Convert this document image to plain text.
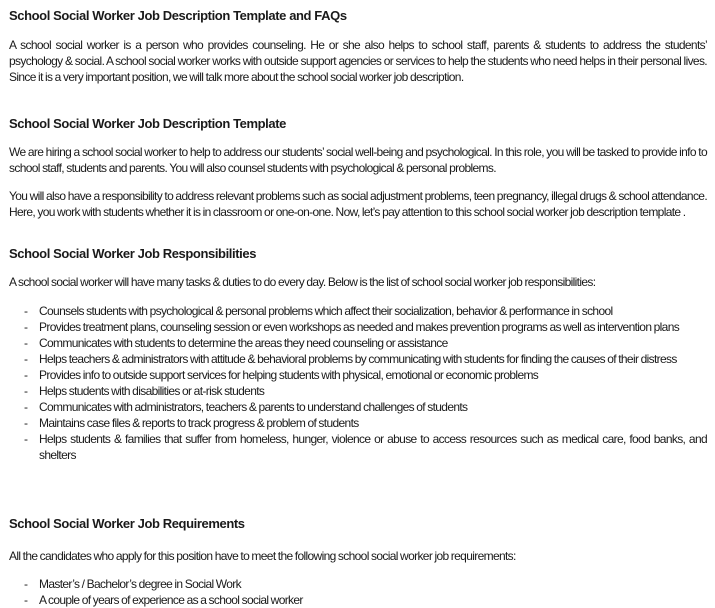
School Social Worker Job Description Template and FAQs
A school social worker is a person who provides counseling. He or she also helps to school staff, parents & students to address the students’ psychology & social. A school social worker works with outside support agencies or services to help the students who need helps in their personal lives. Since it is a very important position, we will talk more about the school social worker job description.
School Social Worker Job Description Template
We are hiring a school social worker to help to address our students’ social well-being and psychological. In this role, you will be tasked to provide info to school staff, students and parents. You will also counsel students with psychological & personal problems.
You will also have a responsibility to address relevant problems such as social adjustment problems, teen pregnancy, illegal drugs & school attendance. Here, you work with students whether it is in classroom or one-on-one. Now, let’s pay attention to this school social worker job description template .
School Social Worker Job Responsibilities
A school social worker will have many tasks & duties to do every day. Below is the list of school social worker job responsibilities:
- Counsels students with psychological & personal problems which affect their socialization, behavior & performance in school
- Provides treatment plans, counseling session or even workshops as needed and makes prevention programs as well as intervention plans
- Communicates with students to determine the areas they need counseling or assistance
- Helps teachers & administrators with attitude & behavioral problems by communicating with students for finding the causes of their distress
- Provides info to outside support services for helping students with physical, emotional or economic problems
- Helps students with disabilities or at-risk students
- Communicates with administrators, teachers & parents to understand challenges of students
- Maintains case files & reports to track progress & problem of students
- Helps students & families that suffer from homeless, hunger, violence or abuse to access resources such as medical care, food banks, and shelters
School Social Worker Job Requirements
All the candidates who apply for this position have to meet the following school social worker job requirements:
- Master’s / Bachelor’s degree in Social Work
- A couple of years of experience as a school social worker
